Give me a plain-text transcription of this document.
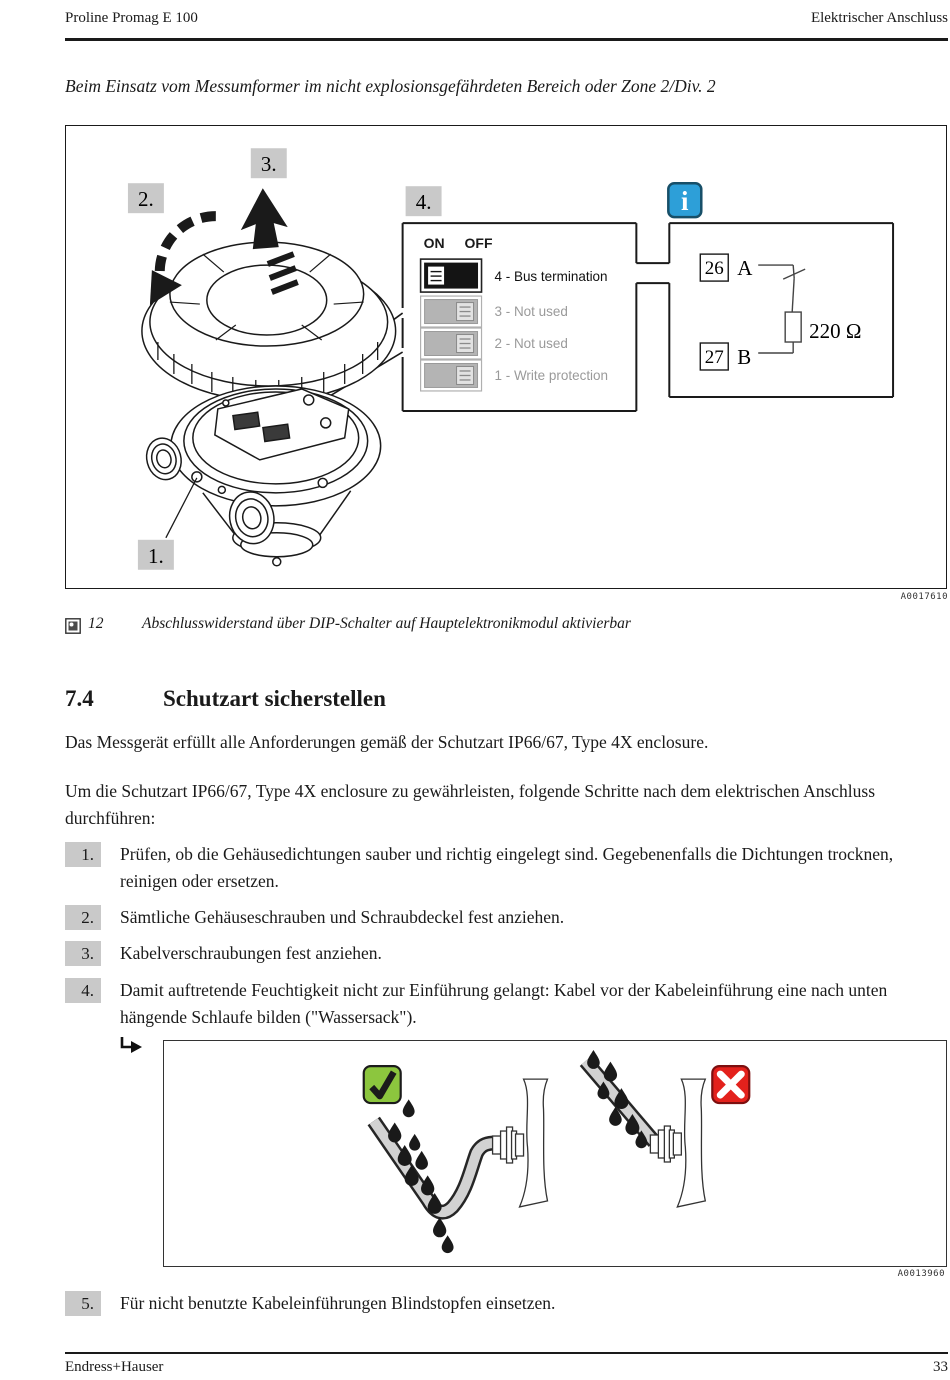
Proline Promag E 100	Elektrischer Anschluss
Beim Einsatz vom Messumformer im nicht explosionsgefährdeten Bereich oder Zone 2/Div. 2
ON OFF
4 - Bus termination
3 - Not used
2 - Not used
1 - Write protection
i
26 A
27 B
220 Ω
2.
3.
4.
1.
A0017610
12 Abschlusswiderstand über DIP-Schalter auf Hauptelektronikmodul aktivierbar
7.4	Schutzart sicherstellen
Das Messgerät erfüllt alle Anforderungen gemäß der Schutzart IP66/67, Type 4X enclosure.
Um die Schutzart IP66/67, Type 4X enclosure zu gewährleisten, folgende Schritte nach dem elektrischen Anschluss durchführen:
1.	Prüfen, ob die Gehäusedichtungen sauber und richtig eingelegt sind. Gegebenenfalls die Dichtungen trocknen, reinigen oder ersetzen.
2.	Sämtliche Gehäuseschrauben und Schraubdeckel fest anziehen.
3.	Kabelverschraubungen fest anziehen.
4.	Damit auftretende Feuchtigkeit nicht zur Einführung gelangt: Kabel vor der Kabeleinführung eine nach unten hängende Schlaufe bilden ("Wassersack").
A0013960
5.	Für nicht benutzte Kabeleinführungen Blindstopfen einsetzen.
Endress+Hauser	33
